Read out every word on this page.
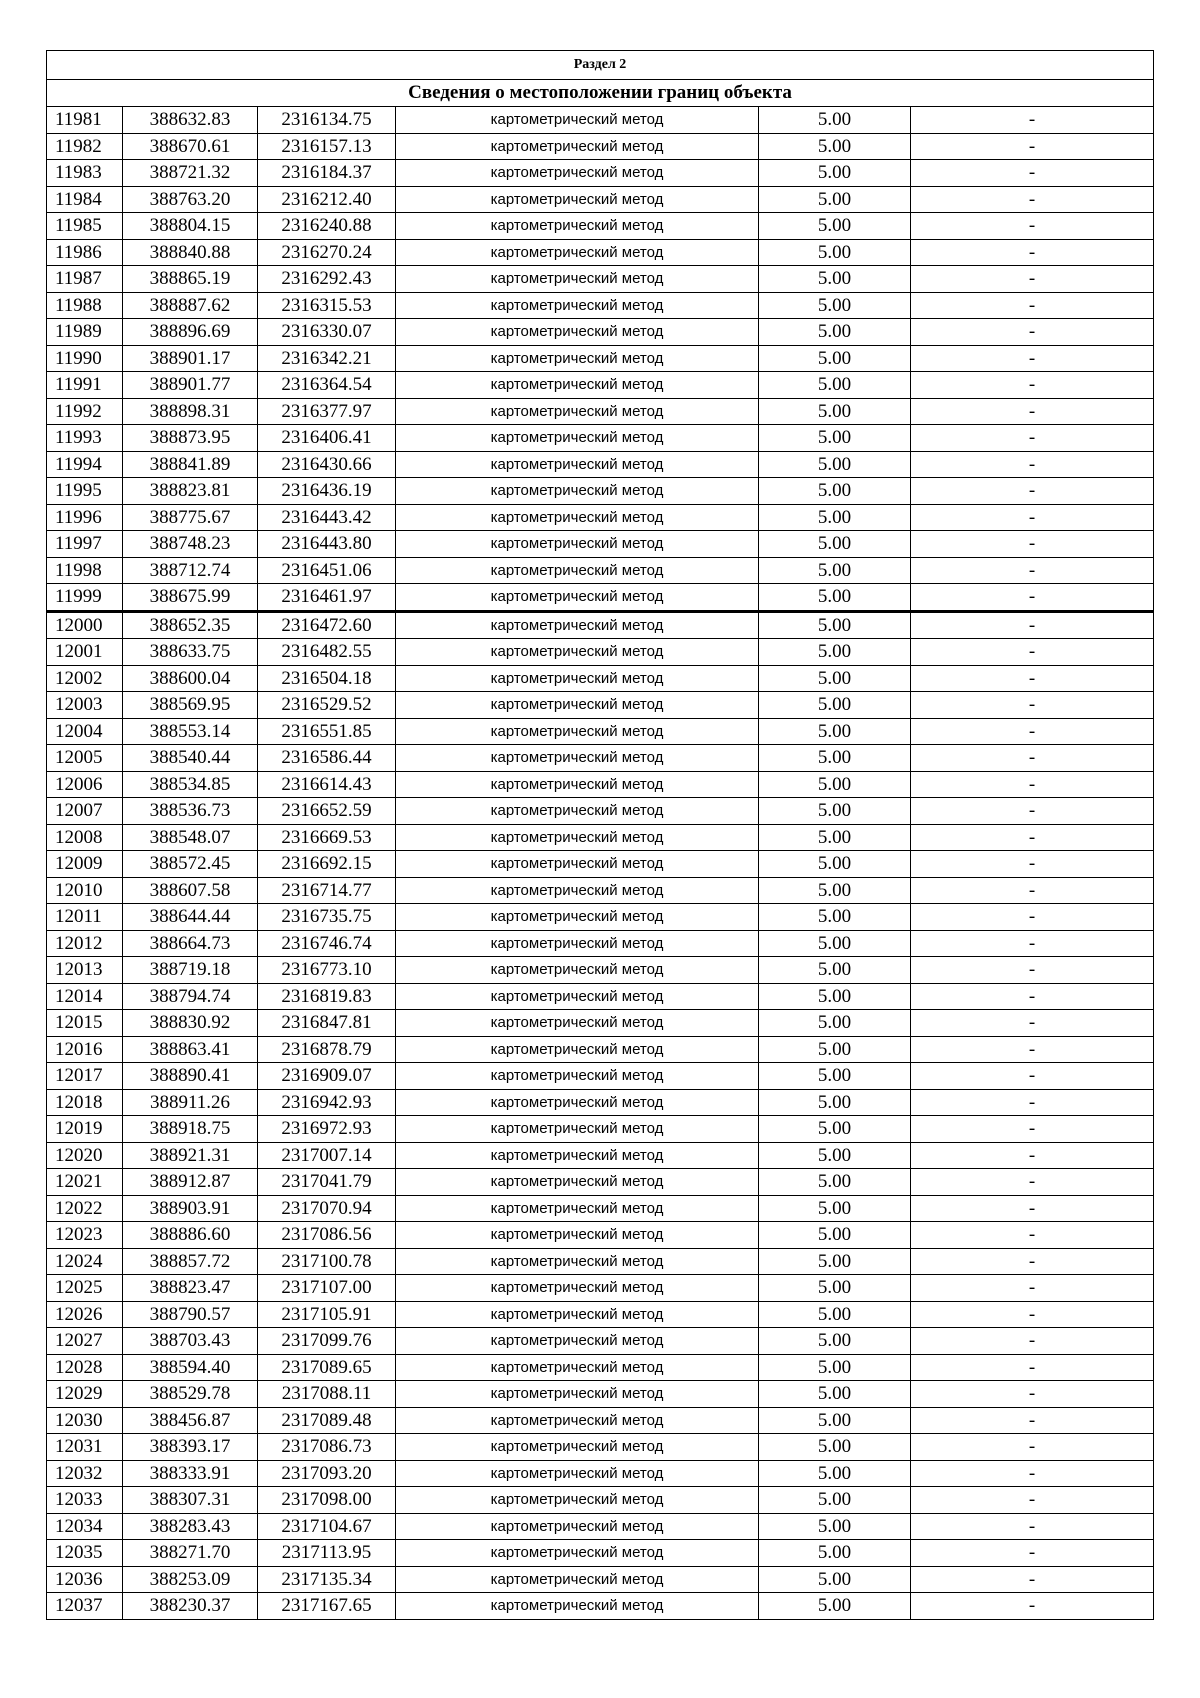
Раздел 2					
Сведения о местоположении границ объекта					
11981	388632.83	2316134.75	картометрический метод	5.00	-
11982	388670.61	2316157.13	картометрический метод	5.00	-
11983	388721.32	2316184.37	картометрический метод	5.00	-
11984	388763.20	2316212.40	картометрический метод	5.00	-
11985	388804.15	2316240.88	картометрический метод	5.00	-
11986	388840.88	2316270.24	картометрический метод	5.00	-
11987	388865.19	2316292.43	картометрический метод	5.00	-
11988	388887.62	2316315.53	картометрический метод	5.00	-
11989	388896.69	2316330.07	картометрический метод	5.00	-
11990	388901.17	2316342.21	картометрический метод	5.00	-
11991	388901.77	2316364.54	картометрический метод	5.00	-
11992	388898.31	2316377.97	картометрический метод	5.00	-
11993	388873.95	2316406.41	картометрический метод	5.00	-
11994	388841.89	2316430.66	картометрический метод	5.00	-
11995	388823.81	2316436.19	картометрический метод	5.00	-
11996	388775.67	2316443.42	картометрический метод	5.00	-
11997	388748.23	2316443.80	картометрический метод	5.00	-
11998	388712.74	2316451.06	картометрический метод	5.00	-
11999	388675.99	2316461.97	картометрический метод	5.00	-
12000	388652.35	2316472.60	картометрический метод	5.00	-
12001	388633.75	2316482.55	картометрический метод	5.00	-
12002	388600.04	2316504.18	картометрический метод	5.00	-
12003	388569.95	2316529.52	картометрический метод	5.00	-
12004	388553.14	2316551.85	картометрический метод	5.00	-
12005	388540.44	2316586.44	картометрический метод	5.00	-
12006	388534.85	2316614.43	картометрический метод	5.00	-
12007	388536.73	2316652.59	картометрический метод	5.00	-
12008	388548.07	2316669.53	картометрический метод	5.00	-
12009	388572.45	2316692.15	картометрический метод	5.00	-
12010	388607.58	2316714.77	картометрический метод	5.00	-
12011	388644.44	2316735.75	картометрический метод	5.00	-
12012	388664.73	2316746.74	картометрический метод	5.00	-
12013	388719.18	2316773.10	картометрический метод	5.00	-
12014	388794.74	2316819.83	картометрический метод	5.00	-
12015	388830.92	2316847.81	картометрический метод	5.00	-
12016	388863.41	2316878.79	картометрический метод	5.00	-
12017	388890.41	2316909.07	картометрический метод	5.00	-
12018	388911.26	2316942.93	картометрический метод	5.00	-
12019	388918.75	2316972.93	картометрический метод	5.00	-
12020	388921.31	2317007.14	картометрический метод	5.00	-
12021	388912.87	2317041.79	картометрический метод	5.00	-
12022	388903.91	2317070.94	картометрический метод	5.00	-
12023	388886.60	2317086.56	картометрический метод	5.00	-
12024	388857.72	2317100.78	картометрический метод	5.00	-
12025	388823.47	2317107.00	картометрический метод	5.00	-
12026	388790.57	2317105.91	картометрический метод	5.00	-
12027	388703.43	2317099.76	картометрический метод	5.00	-
12028	388594.40	2317089.65	картометрический метод	5.00	-
12029	388529.78	2317088.11	картометрический метод	5.00	-
12030	388456.87	2317089.48	картометрический метод	5.00	-
12031	388393.17	2317086.73	картометрический метод	5.00	-
12032	388333.91	2317093.20	картометрический метод	5.00	-
12033	388307.31	2317098.00	картометрический метод	5.00	-
12034	388283.43	2317104.67	картометрический метод	5.00	-
12035	388271.70	2317113.95	картометрический метод	5.00	-
12036	388253.09	2317135.34	картометрический метод	5.00	-
12037	388230.37	2317167.65	картометрический метод	5.00	-
